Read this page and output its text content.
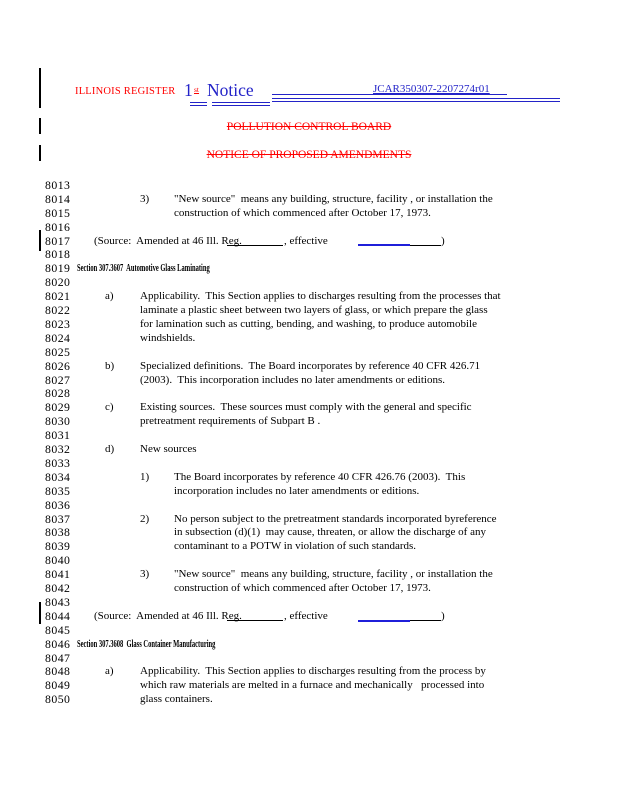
ILLINOIS REGISTER 1 st Notice	JCAR350307-2207274r01
POLLUTION CONTROL BOARD
NOTICE OF PROPOSED AMENDMENTS
8013
8014	3) "New source"  means any building, structure, facility , or installation the
8015	construction of which commenced after October 17, 1973.
8016
8017 (Source:  Amended at 46 Ill. Reg.	, effective	)
8018
8019 Section 307.3607  Automotive Glass Laminating
8020
8021	a) Applicability.  This Section applies to discharges resulting from the processes that
8022	laminate a plastic sheet between two layers of glass, or which prepare the glass
8023	for lamination such as cutting, bending, and washing, to produce automobile
8024	windshields.
8025
8026	b) Specialized definitions.  The Board incorporates by reference 40 CFR 426.71
8027	(2003).  This incorporation includes no later amendments or editions.
8028
8029	c) Existing sources.  These sources must comply with the general and specific
8030	pretreatment requirements of Subpart B .
8031
8032	d) New sources
8033
8034	1) The Board incorporates by reference 40 CFR 426.76 (2003).  This
8035	incorporation includes no later amendments or editions.
8036
8037	2) No person subject to the pretreatment standards incorporated byreference
8038	in subsection (d)(1)  may cause, threaten, or allow the discharge of any
8039	contaminant to a POTW in violation of such standards.
8040
8041	3) "New source"  means any building, structure, facility , or installation the
8042	construction of which commenced after October 17, 1973.
8043
8044 (Source:  Amended at 46 Ill. Reg.	, effective	)
8045
8046 Section 307.3608  Glass Container Manufacturing
8047
8048	a) Applicability.  This Section applies to discharges resulting from the process by
8049	which raw materials are melted in a furnace and mechanically   processed into
8050	glass containers.
